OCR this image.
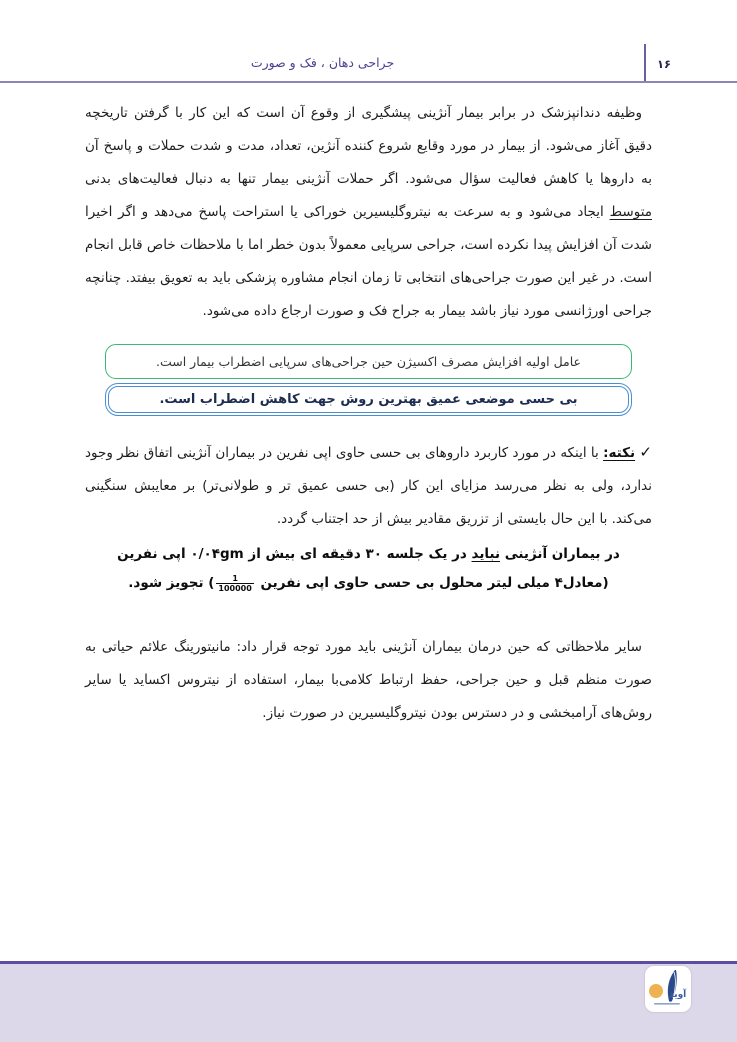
جراحی دهان ، فک و صورت	۱۶

وظیفه دندانپزشک در برابر بیمار آنژینی پیشگیری از وقوع آن است که این کار با گرفتن تاریخچه دقیق آغاز می‌شود. از بیمار در مورد وقایع شروع کننده آنژین، تعداد، مدت و شدت حملات و پاسخ آن به داروها یا کاهش فعالیت سؤال می‌شود. اگر حملات آنژینی بیمار تنها به دنبال فعالیت‌های بدنی متوسط ایجاد می‌شود و به سرعت به نیتروگلیسیرین خوراکی یا استراحت پاسخ می‌دهد و اگر اخیرا شدت آن افزایش پیدا نکرده است، جراحی سرپایی معمولاً بدون خطر اما با ملاحظات خاص قابل انجام است. در غیر این صورت جراحی‌های انتخابی تا زمان انجام مشاوره پزشکی باید به تعویق بیفتد. چنانچه جراحی اورژانسی مورد نیاز باشد بیمار به جراح فک و صورت ارجاع داده می‌شود.

عامل اولیه افزایش مصرف اکسیژن حین جراحی‌های سرپایی اضطراب بیمار است.
بی حسی موضعی عمیق بهترین روش جهت کاهش اضطراب است.

✓ نکته: با اینکه در مورد کاربرد داروهای بی حسی حاوی اپی نفرین در بیماران آنژینی اتفاق نظر وجود ندارد، ولی به نظر می‌رسد مزایای این کار (بی حسی عمیق تر و طولانی‌تر) بر معایبش سنگینی می‌کند. با این حال بایستی از تزریق مقادیر بیش از حد اجتناب گردد.

در بیماران آنژینی نباید در یک جلسه ۳۰ دقیقه ای بیش از ۰/۰۴gm اپی نفرین
(معادل۴ میلی لیتر محلول بی حسی حاوی اپی نفرین
$\frac{1}{100000}$
) تجویز شود.

سایر ملاحظاتی که حین درمان بیماران آنژینی باید مورد توجه قرار داد: مانیتورینگ علائم حیاتی به صورت منظم قبل و حین جراحی، حفظ ارتباط کلامی‌با بیمار، استفاده از نیتروس اکساید یا سایر روش‌های آرامبخشی و در دسترس بودن نیتروگلیسیرین در صورت نیاز.

آوید
